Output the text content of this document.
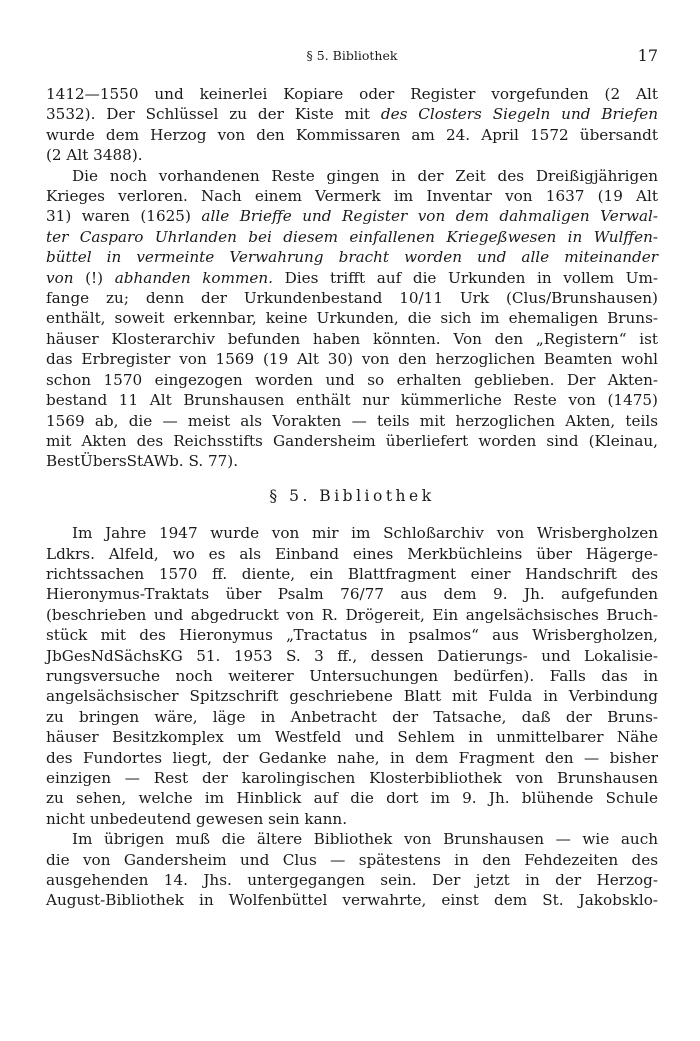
§ 5. Bibliothek	17

1412—1550 und keinerlei Kopiare oder Register vorgefunden (2 Alt
3532). Der Schlüssel zu der Kiste mit des Closters Siegeln und Briefen
wurde dem Herzog von den Kommissaren am 24. April 1572 übersandt
(2 Alt 3488).

Die noch vorhandenen Reste gingen in der Zeit des Dreißigjährigen
Krieges verloren. Nach einem Vermerk im Inventar von 1637 (19 Alt
31) waren (1625) alle Brieffe und Register von dem dahmaligen Verwal-
ter Casparo Uhrlanden bei diesem einfallenen Kriegeßwesen in Wulffen-
büttel in vermeinte Verwahrung bracht worden und alle miteinander
von (!) abhanden kommen. Dies trifft auf die Urkunden in vollem Um-
fange zu; denn der Urkundenbestand 10/11 Urk (Clus/Brunshausen)
enthält, soweit erkennbar, keine Urkunden, die sich im ehemaligen Bruns-
häuser Klosterarchiv befunden haben könnten. Von den „Registern“ ist
das Erbregister von 1569 (19 Alt 30) von den herzoglichen Beamten wohl
schon 1570 eingezogen worden und so erhalten geblieben. Der Akten-
bestand 11 Alt Brunshausen enthält nur kümmerliche Reste von (1475)
1569 ab, die — meist als Vorakten — teils mit herzoglichen Akten, teils
mit Akten des Reichsstifts Gandersheim überliefert worden sind (Kleinau,
BestÜbersStAWb. S. 77).

§ 5. Bibliothek

Im Jahre 1947 wurde von mir im Schloßarchiv von Wrisbergholzen
Ldkrs. Alfeld, wo es als Einband eines Merkbüchleins über Hägerge-
richtssachen 1570 ff. diente, ein Blattfragment einer Handschrift des
Hieronymus-Traktats über Psalm 76/77 aus dem 9. Jh. aufgefunden
(beschrieben und abgedruckt von R. Drögereit, Ein angelsächsisches Bruch-
stück mit des Hieronymus „Tractatus in psalmos“ aus Wrisbergholzen,
JbGesNdSächsKG 51. 1953 S. 3 ff., dessen Datierungs- und Lokalisie-
rungsversuche noch weiterer Untersuchungen bedürfen). Falls das in
angelsächsischer Spitzschrift geschriebene Blatt mit Fulda in Verbindung
zu bringen wäre, läge in Anbetracht der Tatsache, daß der Bruns-
häuser Besitzkomplex um Westfeld und Sehlem in unmittelbarer Nähe
des Fundortes liegt, der Gedanke nahe, in dem Fragment den — bisher
einzigen — Rest der karolingischen Klosterbibliothek von Brunshausen
zu sehen, welche im Hinblick auf die dort im 9. Jh. blühende Schule
nicht unbedeutend gewesen sein kann.

Im übrigen muß die ältere Bibliothek von Brunshausen — wie auch
die von Gandersheim und Clus — spätestens in den Fehdezeiten des
ausgehenden 14. Jhs. untergegangen sein. Der jetzt in der Herzog-
August-Bibliothek in Wolfenbüttel verwahrte, einst dem St. Jakobsklo-
